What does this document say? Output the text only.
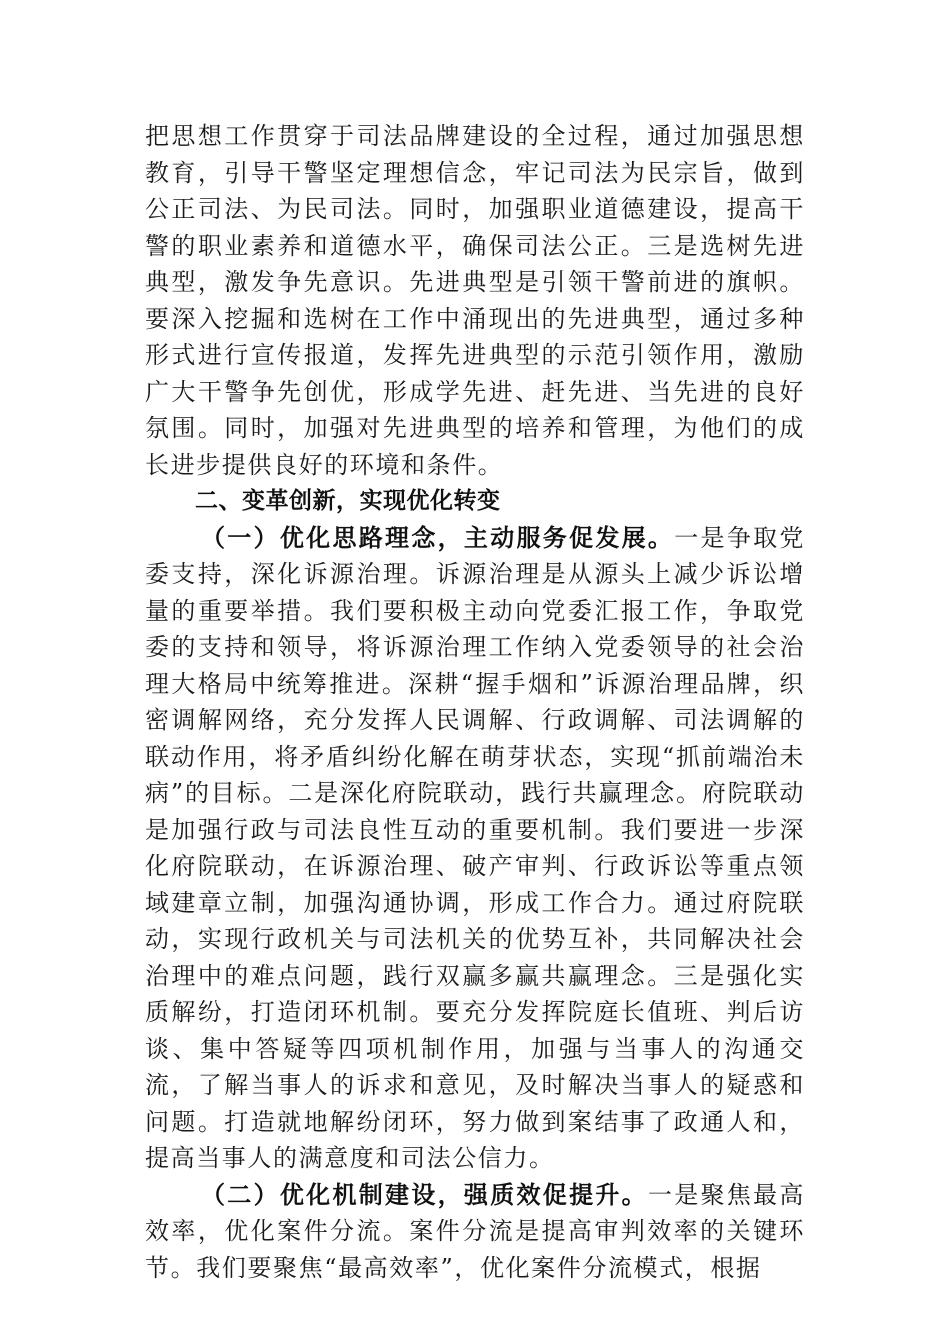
把思想工作贯穿于司法品牌建设的全过程，通过加强思想教育，引导干警坚定理想信念，牢记司法为民宗旨，做到公正司法、为民司法。同时，加强职业道德建设，提高干警的职业素养和道德水平，确保司法公正。三是选树先进典型，激发争先意识。先进典型是引领干警前进的旗帜。要深入挖掘和选树在工作中涌现出的先进典型，通过多种形式进行宣传报道，发挥先进典型的示范引领作用，激励广大干警争先创优，形成学先进、赶先进、当先进的良好氛围。同时，加强对先进典型的培养和管理，为他们的成长进步提供良好的环境和条件。

二、变革创新，实现优化转变

（一）优化思路理念，主动服务促发展。一是争取党委支持，深化诉源治理。诉源治理是从源头上减少诉讼增量的重要举措。我们要积极主动向党委汇报工作，争取党委的支持和领导，将诉源治理工作纳入党委领导的社会治理大格局中统筹推进。深耕“握手烟和”诉源治理品牌，织密调解网络，充分发挥人民调解、行政调解、司法调解的联动作用，将矛盾纠纷化解在萌芽状态，实现“抓前端治未病”的目标。二是深化府院联动，践行共赢理念。府院联动是加强行政与司法良性互动的重要机制。我们要进一步深化府院联动，在诉源治理、破产审判、行政诉讼等重点领域建章立制，加强沟通协调，形成工作合力。通过府院联动，实现行政机关与司法机关的优势互补，共同解决社会治理中的难点问题，践行双赢多赢共赢理念。三是强化实质解纷，打造闭环机制。要充分发挥院庭长值班、判后访谈、集中答疑等四项机制作用，加强与当事人的沟通交流，了解当事人的诉求和意见，及时解决当事人的疑惑和问题。打造就地解纷闭环，努力做到案结事了政通人和，提高当事人的满意度和司法公信力。

（二）优化机制建设，强质效促提升。一是聚焦最高效率，优化案件分流。案件分流是提高审判效率的关键环节。我们要聚焦“最高效率”，优化案件分流模式，根据
